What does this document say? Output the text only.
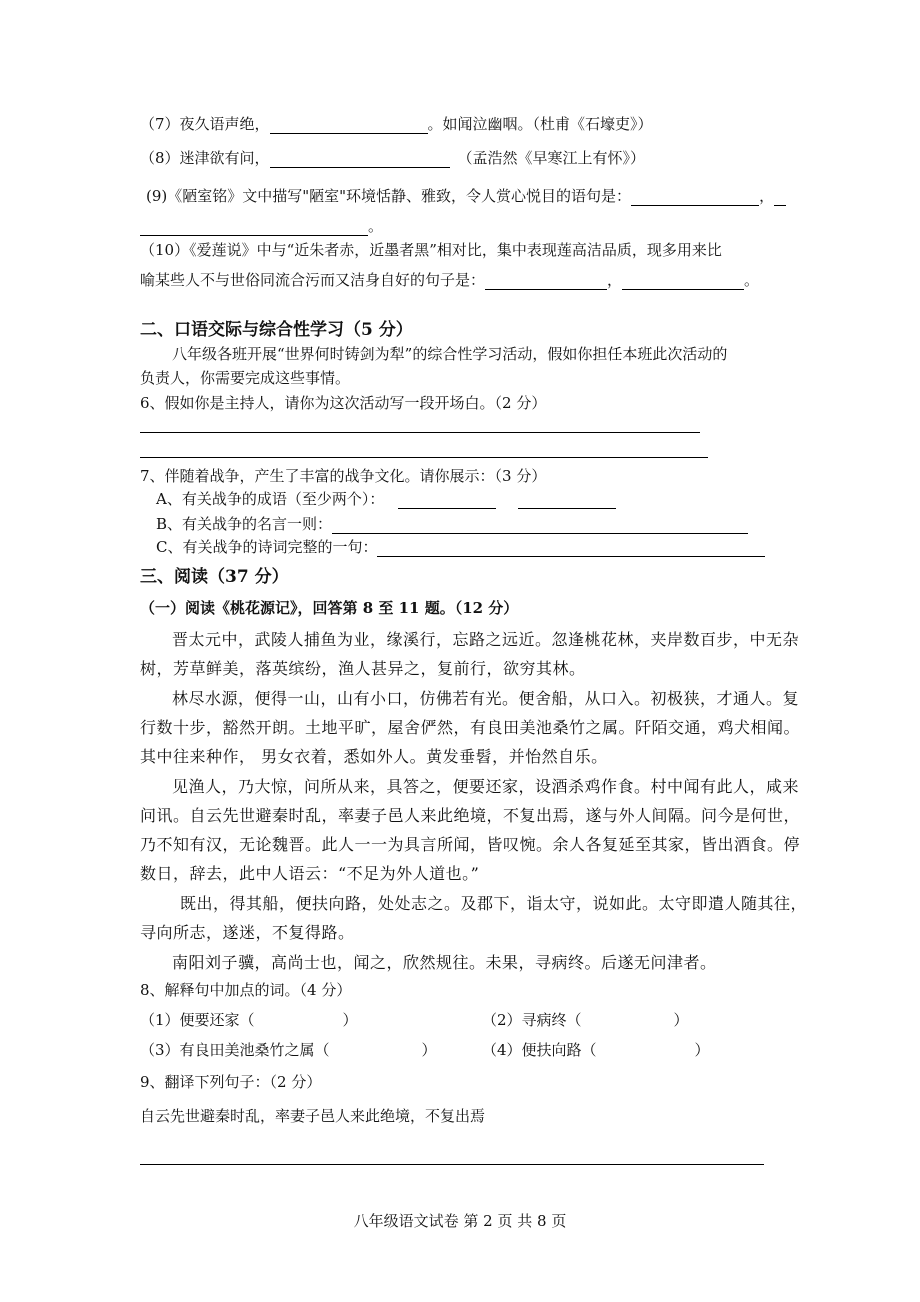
（7）夜久语声绝，	。如闻泣幽咽。（杜甫《石壕吏》）
（8）迷津欲有问，	（孟浩然《早寒江上有怀》）
(9)《陋室铭》文中描写"陋室"环境恬静、雅致，令人赏心悦目的语句是：	，
。
（10）《爱莲说》中与“近朱者赤，近墨者黑”相对比，集中表现莲高洁品质，现多用来比
喻某些人不与世俗同流合污而又洁身自好的句子是：	，	。
二、口语交际与综合性学习（5 分）
八年级各班开展“世界何时铸剑为犁”的综合性学习活动，假如你担任本班此次活动的
负责人，你需要完成这些事情。
6、假如你是主持人，请你为这次活动写一段开场白。（2 分）
7、伴随着战争，产生了丰富的战争文化。请你展示：（3 分）
A、有关战争的成语（至少两个）：
B、有关战争的名言一则：
C、有关战争的诗词完整的一句：
三、阅读（37 分）
（一）阅读《桃花源记》，回答第 8 至 11 题。（12 分）
晋太元中，武陵人捕鱼为业，缘溪行，忘路之远近。忽逢桃花林，夹岸数百步，中无杂
树，芳草鲜美，落英缤纷，渔人甚异之，复前行，欲穷其林。
林尽水源，便得一山，山有小口，仿佛若有光。便舍船，从口入。初极狭，才通人。复
行数十步，豁然开朗。土地平旷，屋舍俨然，有良田美池桑竹之属。阡陌交通，鸡犬相闻。
其中往来种作， 男女衣着，悉如外人。黄发垂髫，并怡然自乐。
见渔人，乃大惊，问所从来，具答之，便要还家，设酒杀鸡作食。村中闻有此人，咸来
问讯。自云先世避秦时乱，率妻子邑人来此绝境，不复出焉，遂与外人间隔。问今是何世，
乃不知有汉，无论魏晋。此人一一为具言所闻，皆叹惋。余人各复延至其家，皆出酒食。停
数日，辞去，此中人语云：“不足为外人道也。”
既出，得其船，便扶向路，处处志之。及郡下，诣太守，说如此。太守即遣人随其往，
寻向所志，遂迷，不复得路。
南阳刘子骥，高尚士也，闻之，欣然规往。未果，寻病终。后遂无问津者。
8、解释句中加点的词。（4 分）
（1）便要还家（	）	（2）寻病终（	）
（3）有良田美池桑竹之属（	）	（4）便扶向路（	）
9、翻译下列句子：（2 分）
自云先世避秦时乱，率妻子邑人来此绝境，不复出焉
八年级语文试卷 第 2 页 共 8 页
